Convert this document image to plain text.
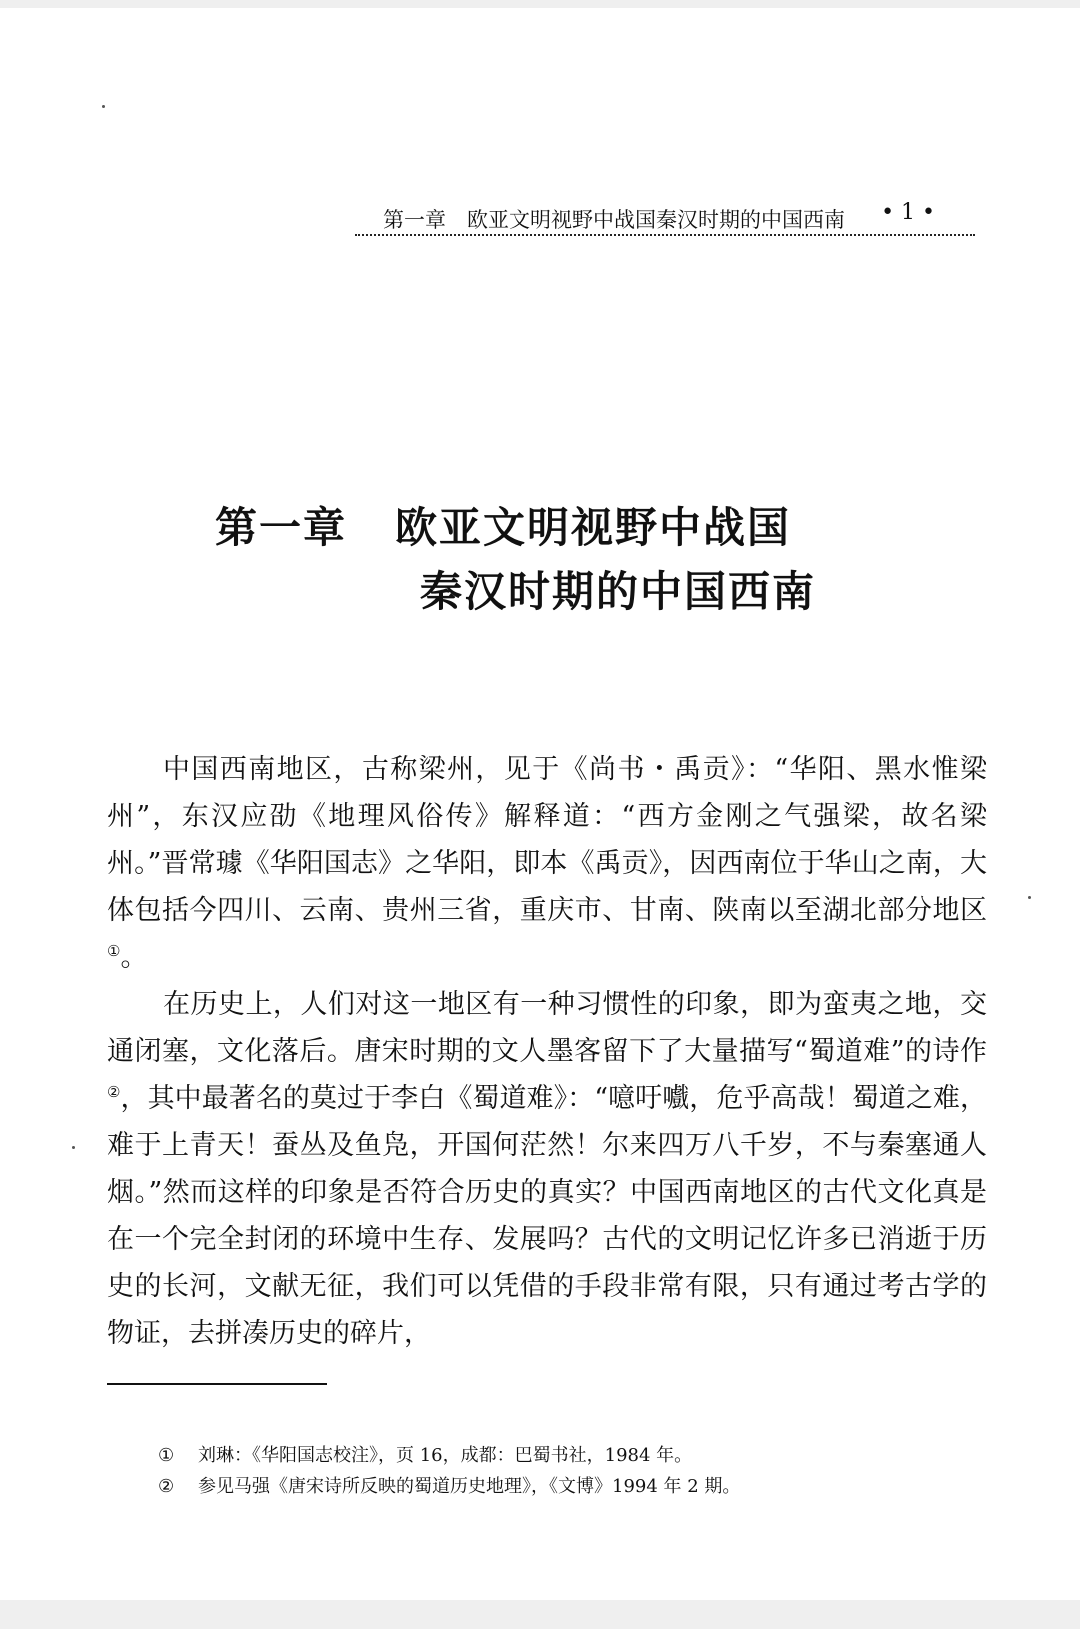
第一章　欧亚文明视野中战国秦汉时期的中国西南 • 1 •
第一章 欧亚文明视野中战国
秦汉时期的中国西南

中国西南地区，古称梁州，见于《尚书・禹贡》：“华阳、黑水惟梁州”，东汉应劭《地理风俗传》解释道：“西方金刚之气强梁，故名梁州。”晋常璩《华阳国志》之华阳，即本《禹贡》，因西南位于华山之南，大体包括今四川、云南、贵州三省，重庆市、甘南、陕南以至湖北部分地区①。

在历史上，人们对这一地区有一种习惯性的印象，即为蛮夷之地，交通闭塞，文化落后。唐宋时期的文人墨客留下了大量描写“蜀道难”的诗作②，其中最著名的莫过于李白《蜀道难》：“噫吁嚱，危乎高哉！蜀道之难，难于上青天！蚕丛及鱼凫，开国何茫然！尔来四万八千岁，不与秦塞通人烟。”然而这样的印象是否符合历史的真实？中国西南地区的古代文化真是在一个完全封闭的环境中生存、发展吗？古代的文明记忆许多已消逝于历史的长河，文献无征，我们可以凭借的手段非常有限，只有通过考古学的物证，去拼凑历史的碎片，

① 刘琳：《华阳国志校注》，页 16，成都：巴蜀书社，1984 年。
② 参见马强《唐宋诗所反映的蜀道历史地理》，《文博》1994 年 2 期。
